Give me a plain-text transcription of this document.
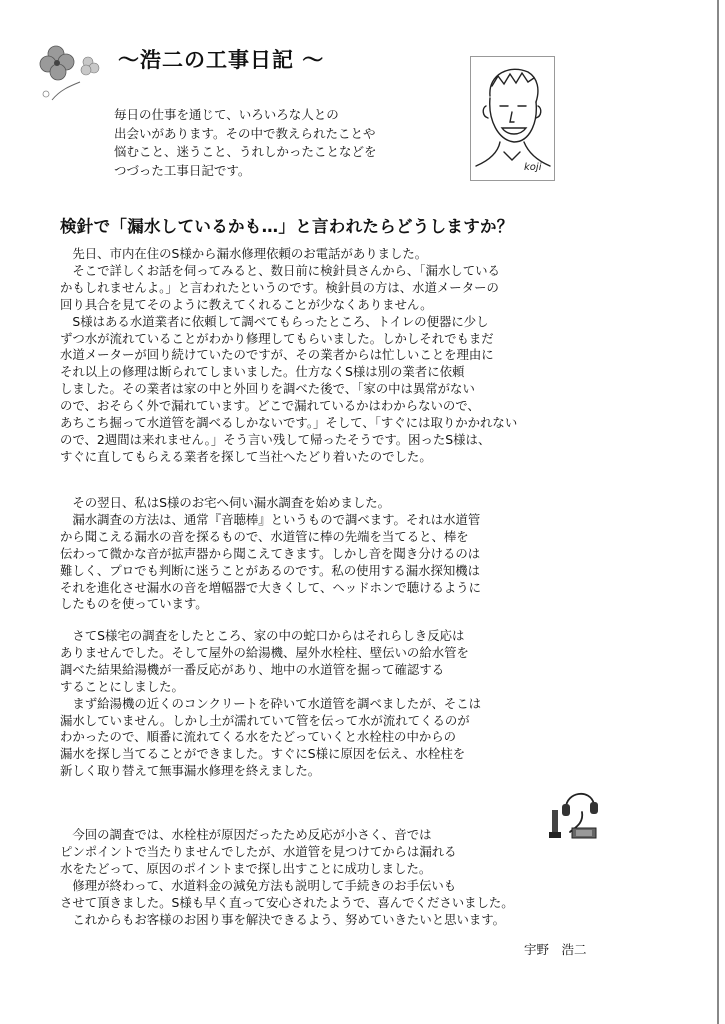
～浩二の工事日記 ～
毎日の仕事を通じて、いろいろな人との
出会いがあります。その中で教えられたことや
悩むこと、迷うこと、うれしかったことなどを
つづった工事日記です。	koji
検針で「漏水しているかも…」と言われたらどうしますか？
　先日、市内在住のS様から漏水修理依頼のお電話がありました。
　そこで詳しくお話を伺ってみると、数日前に検針員さんから、「漏水している
かもしれませんよ。」と言われたというのです。検針員の方は、水道メーターの
回り具合を見てそのように教えてくれることが少なくありません。
　S様はある水道業者に依頼して調べてもらったところ、トイレの便器に少し
ずつ水が流れていることがわかり修理してもらいました。しかしそれでもまだ
水道メーターが回り続けていたのですが、その業者からは忙しいことを理由に
それ以上の修理は断られてしまいました。仕方なくS様は別の業者に依頼
しました。その業者は家の中と外回りを調べた後で、「家の中は異常がない
ので、おそらく外で漏れています。どこで漏れているかはわからないので、
あちこち掘って水道管を調べるしかないです。」そして、「すぐには取りかかれない
ので、2週間は来れません。」そう言い残して帰ったそうです。困ったS様は、
すぐに直してもらえる業者を探して当社へたどり着いたのでした。
　その翌日、私はS様のお宅へ伺い漏水調査を始めました。
　漏水調査の方法は、通常『音聴棒』というもので調べます。それは水道管
から聞こえる漏水の音を探るもので、水道管に棒の先端を当てると、棒を
伝わって微かな音が拡声器から聞こえてきます。しかし音を聞き分けるのは
難しく、プロでも判断に迷うことがあるのです。私の使用する漏水探知機は
それを進化させ漏水の音を増幅器で大きくして、ヘッドホンで聴けるように
したものを使っています。
　さてS様宅の調査をしたところ、家の中の蛇口からはそれらしき反応は
ありませんでした。そして屋外の給湯機、屋外水栓柱、壁伝いの給水管を
調べた結果給湯機が一番反応があり、地中の水道管を掘って確認する
することにしました。
　まず給湯機の近くのコンクリートを砕いて水道管を調べましたが、そこは
漏水していません。しかし土が濡れていて管を伝って水が流れてくるのが
わかったので、順番に流れてくる水をたどっていくと水栓柱の中からの
漏水を探し当てることができました。すぐにS様に原因を伝え、水栓柱を
新しく取り替えて無事漏水修理を終えました。
　今回の調査では、水栓柱が原因だったため反応が小さく、音では
ピンポイントで当たりませんでしたが、水道管を見つけてからは漏れる
水をたどって、原因のポイントまで探し出すことに成功しました。
　修理が終わって、水道料金の減免方法も説明して手続きのお手伝いも
させて頂きました。S様も早く直って安心されたようで、喜んでくださいました。
　これからもお客様のお困り事を解決できるよう、努めていきたいと思います。
宇野　浩二
